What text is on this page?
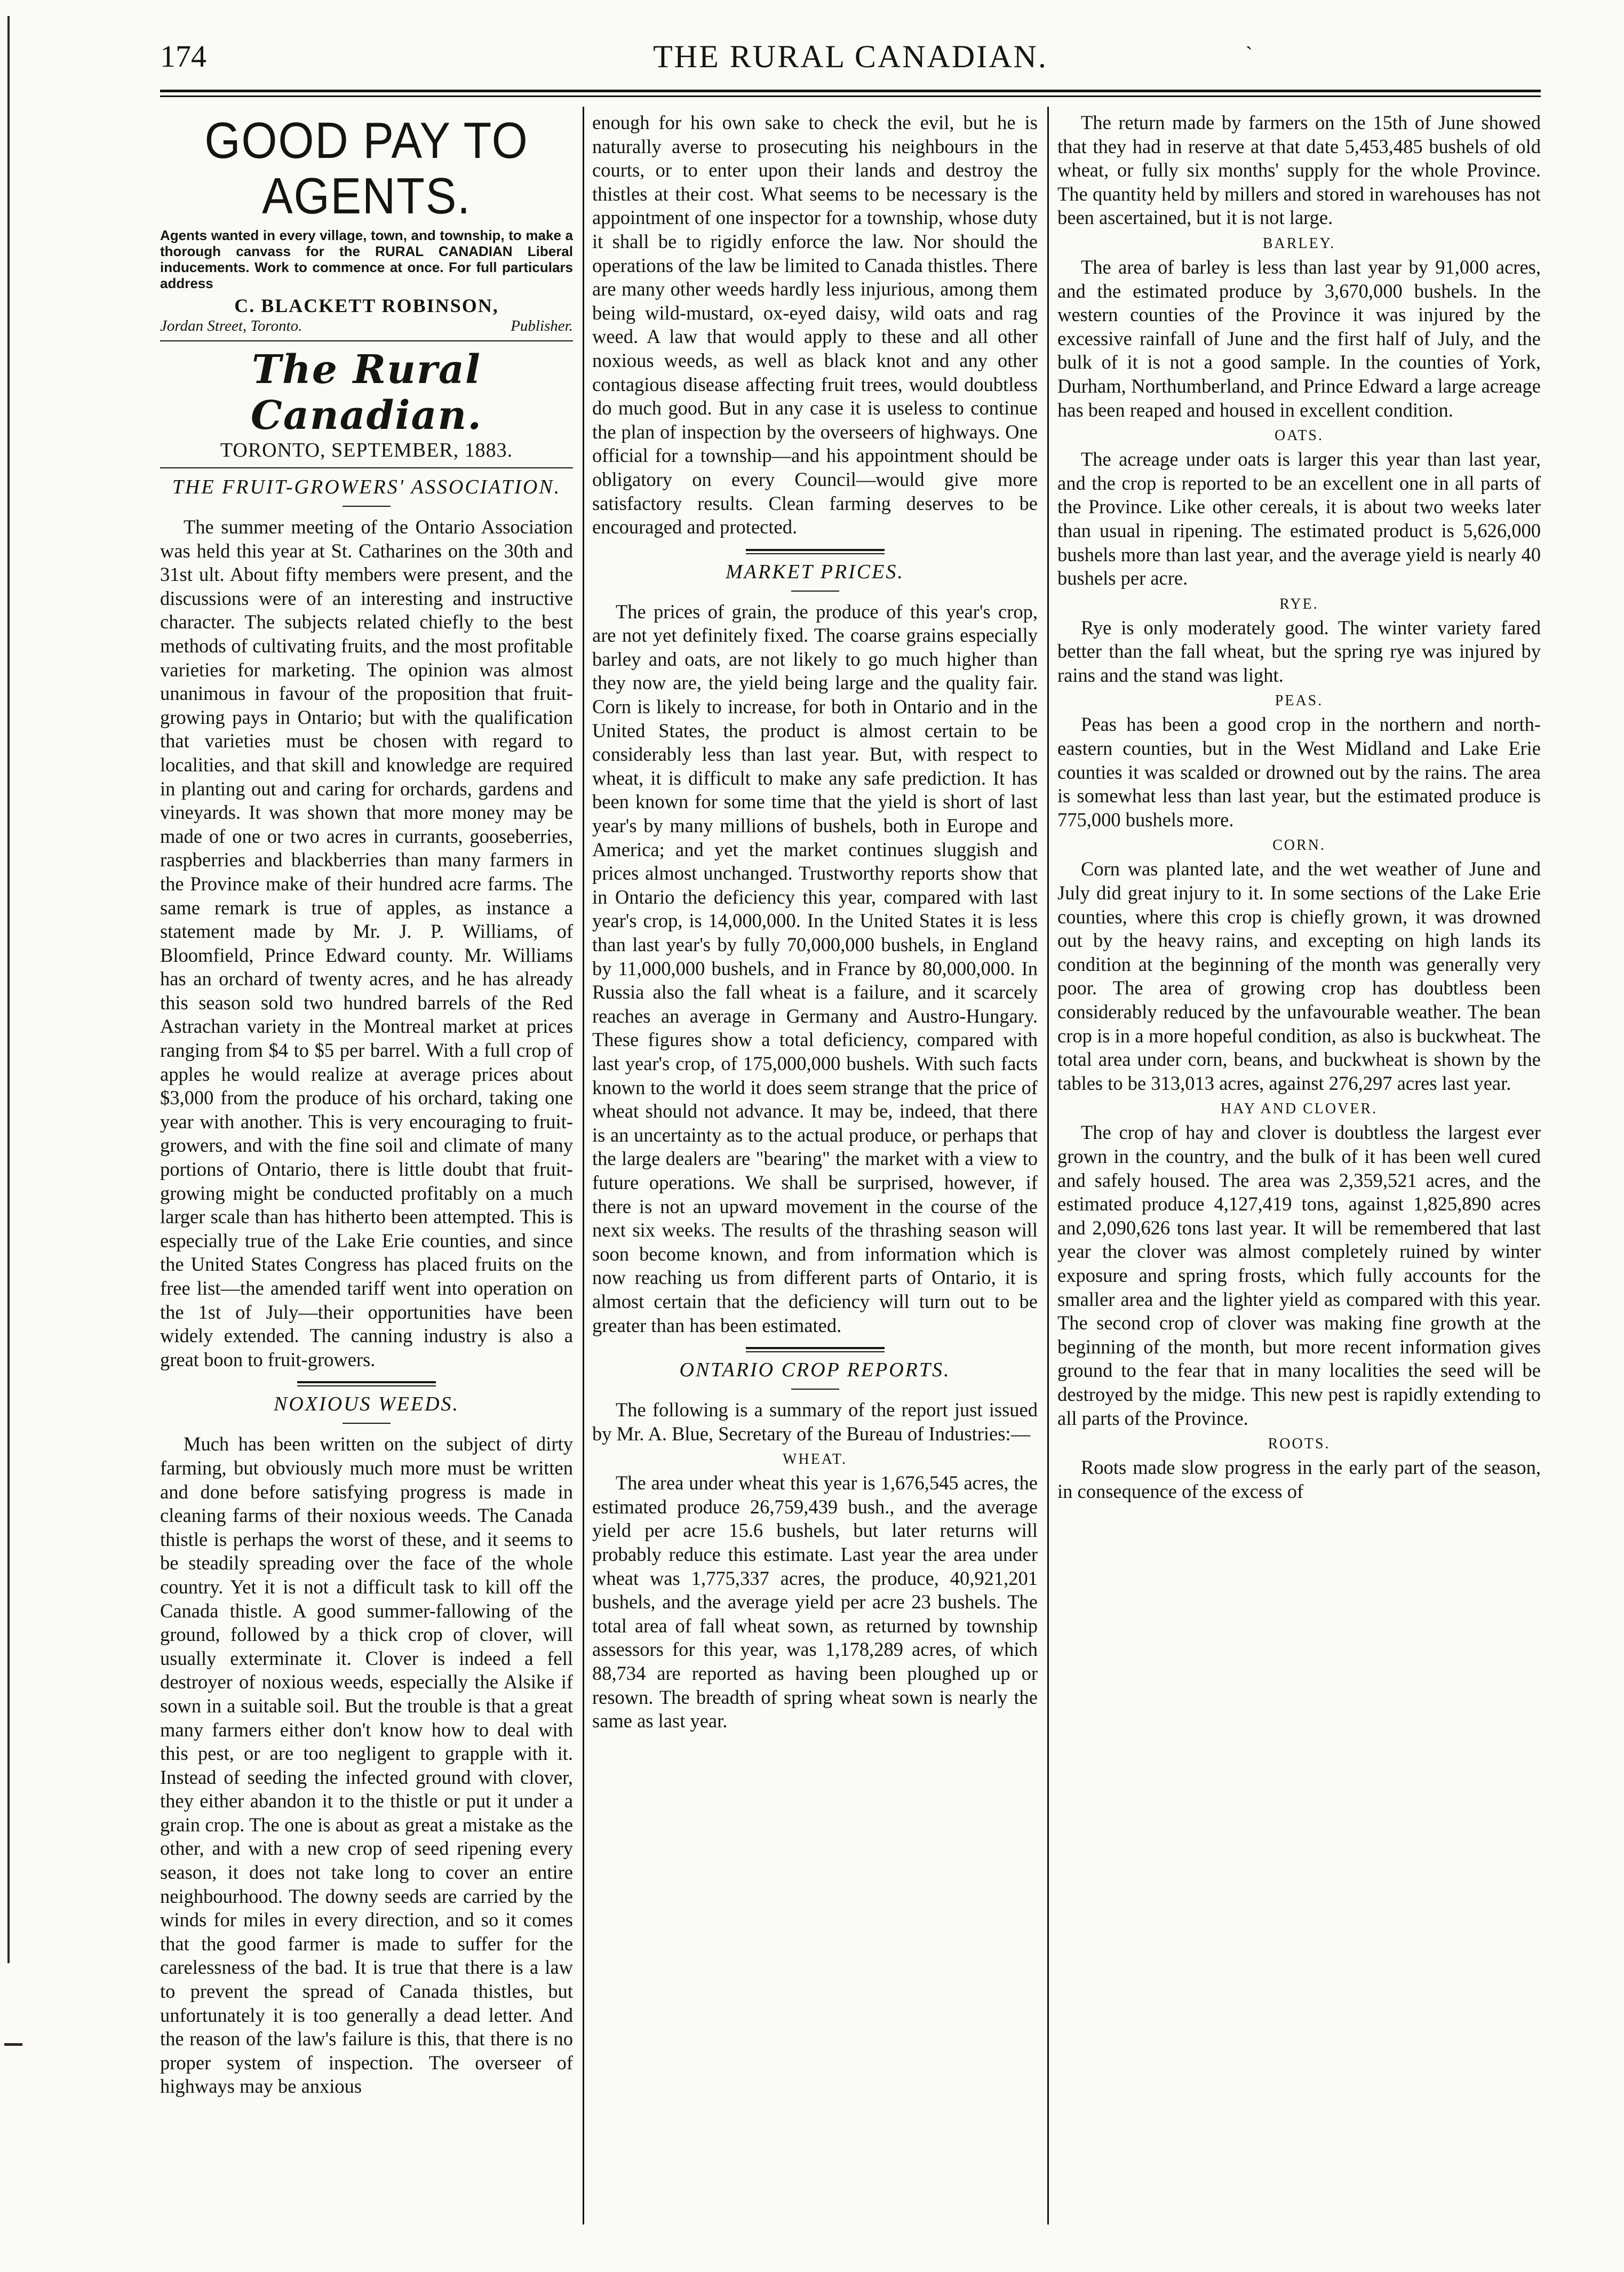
174	THE RURAL CANADIAN.	`
GOOD PAY TO AGENTS.
Agents wanted in every village, town, and township, to make a thorough canvass for the RURAL CANADIAN Liberal inducements. Work to commence at once. For full particulars address
C. BLACKETT ROBINSON,
Jordan Street, Toronto.	Publisher.
The Rural Canadian.
TORONTO, SEPTEMBER, 1883.
THE FRUIT-GROWERS' ASSOCIATION.

The summer meeting of the Ontario Association was held this year at St. Catharines on the 30th and 31st ult. About fifty members were present, and the discussions were of an interesting and instructive character. The subjects related chiefly to the best methods of cultivating fruits, and the most profitable varieties for marketing. The opinion was almost unanimous in favour of the proposition that fruit-growing pays in Ontario; but with the qualification that varieties must be chosen with regard to localities, and that skill and knowledge are required in planting out and caring for orchards, gardens and vineyards. It was shown that more money may be made of one or two acres in currants, gooseberries, raspberries and blackberries than many farmers in the Province make of their hundred acre farms. The same remark is true of apples, as instance a statement made by Mr. J. P. Williams, of Bloomfield, Prince Edward county. Mr. Williams has an orchard of twenty acres, and he has already this season sold two hundred barrels of the Red Astrachan variety in the Montreal market at prices ranging from $4 to $5 per barrel. With a full crop of apples he would realize at average prices about $3,000 from the produce of his orchard, taking one year with another. This is very encouraging to fruit-growers, and with the fine soil and climate of many portions of Ontario, there is little doubt that fruit-growing might be conducted profitably on a much larger scale than has hitherto been attempted. This is especially true of the Lake Erie counties, and since the United States Congress has placed fruits on the free list—the amended tariff went into operation on the 1st of July—their opportunities have been widely extended. The canning industry is also a great boon to fruit-growers.

NOXIOUS WEEDS.

Much has been written on the subject of dirty farming, but obviously much more must be written and done before satisfying progress is made in cleaning farms of their noxious weeds. The Canada thistle is perhaps the worst of these, and it seems to be steadily spreading over the face of the whole country. Yet it is not a difficult task to kill off the Canada thistle. A good summer-fallowing of the ground, followed by a thick crop of clover, will usually exterminate it. Clover is indeed a fell destroyer of noxious weeds, especially the Alsike if sown in a suitable soil. But the trouble is that a great many farmers either don't know how to deal with this pest, or are too negligent to grapple with it. Instead of seeding the infected ground with clover, they either abandon it to the thistle or put it under a grain crop. The one is about as great a mistake as the other, and with a new crop of seed ripening every season, it does not take long to cover an entire neighbourhood. The downy seeds are carried by the winds for miles in every direction, and so it comes that the good farmer is made to suffer for the carelessness of the bad. It is true that there is a law to prevent the spread of Canada thistles, but unfortunately it is too generally a dead letter. And the reason of the law's failure is this, that there is no proper system of inspection. The overseer of highways may be anxious

enough for his own sake to check the evil, but he is naturally averse to prosecuting his neighbours in the courts, or to enter upon their lands and destroy the thistles at their cost. What seems to be necessary is the appointment of one inspector for a township, whose duty it shall be to rigidly enforce the law. Nor should the operations of the law be limited to Canada thistles. There are many other weeds hardly less injurious, among them being wild-mustard, ox-eyed daisy, wild oats and rag weed. A law that would apply to these and all other noxious weeds, as well as black knot and any other contagious disease affecting fruit trees, would doubtless do much good. But in any case it is useless to continue the plan of inspection by the overseers of highways. One official for a township—and his appointment should be obligatory on every Council—would give more satisfactory results. Clean farming deserves to be encouraged and protected.

MARKET PRICES.

The prices of grain, the produce of this year's crop, are not yet definitely fixed. The coarse grains especially barley and oats, are not likely to go much higher than they now are, the yield being large and the quality fair. Corn is likely to increase, for both in Ontario and in the United States, the product is almost certain to be considerably less than last year. But, with respect to wheat, it is difficult to make any safe prediction. It has been known for some time that the yield is short of last year's by many millions of bushels, both in Europe and America; and yet the market continues sluggish and prices almost unchanged. Trustworthy reports show that in Ontario the deficiency this year, compared with last year's crop, is 14,000,000. In the United States it is less than last year's by fully 70,000,000 bushels, in England by 11,000,000 bushels, and in France by 80,000,000. In Russia also the fall wheat is a failure, and it scarcely reaches an average in Germany and Austro-Hungary. These figures show a total deficiency, compared with last year's crop, of 175,000,000 bushels. With such facts known to the world it does seem strange that the price of wheat should not advance. It may be, indeed, that there is an uncertainty as to the actual produce, or perhaps that the large dealers are "bearing" the market with a view to future operations. We shall be surprised, however, if there is not an upward movement in the course of the next six weeks. The results of the thrashing season will soon become known, and from information which is now reaching us from different parts of Ontario, it is almost certain that the deficiency will turn out to be greater than has been estimated.

ONTARIO CROP REPORTS.

The following is a summary of the report just issued by Mr. A. Blue, Secretary of the Bureau of Industries:—

WHEAT.

The area under wheat this year is 1,676,545 acres, the estimated produce 26,759,439 bush., and the average yield per acre 15.6 bushels, but later returns will probably reduce this estimate. Last year the area under wheat was 1,775,337 acres, the produce, 40,921,201 bushels, and the average yield per acre 23 bushels. The total area of fall wheat sown, as returned by township assessors for this year, was 1,178,289 acres, of which 88,734 are reported as having been ploughed up or resown. The breadth of spring wheat sown is nearly the same as last year.

The return made by farmers on the 15th of June showed that they had in reserve at that date 5,453,485 bushels of old wheat, or fully six months' supply for the whole Province. The quantity held by millers and stored in warehouses has not been ascertained, but it is not large.

BARLEY.

The area of barley is less than last year by 91,000 acres, and the estimated produce by 3,670,000 bushels. In the western counties of the Province it was injured by the excessive rainfall of June and the first half of July, and the bulk of it is not a good sample. In the counties of York, Durham, Northumberland, and Prince Edward a large acreage has been reaped and housed in excellent condition.

OATS.

The acreage under oats is larger this year than last year, and the crop is reported to be an excellent one in all parts of the Province. Like other cereals, it is about two weeks later than usual in ripening. The estimated product is 5,626,000 bushels more than last year, and the average yield is nearly 40 bushels per acre.

RYE.

Rye is only moderately good. The winter variety fared better than the fall wheat, but the spring rye was injured by rains and the stand was light.

PEAS.

Peas has been a good crop in the northern and north-eastern counties, but in the West Midland and Lake Erie counties it was scalded or drowned out by the rains. The area is somewhat less than last year, but the estimated produce is 775,000 bushels more.

CORN.

Corn was planted late, and the wet weather of June and July did great injury to it. In some sections of the Lake Erie counties, where this crop is chiefly grown, it was drowned out by the heavy rains, and excepting on high lands its condition at the beginning of the month was generally very poor. The area of growing crop has doubtless been considerably reduced by the unfavourable weather. The bean crop is in a more hopeful condition, as also is buckwheat. The total area under corn, beans, and buckwheat is shown by the tables to be 313,013 acres, against 276,297 acres last year.

HAY AND CLOVER.

The crop of hay and clover is doubtless the largest ever grown in the country, and the bulk of it has been well cured and safely housed. The area was 2,359,521 acres, and the estimated produce 4,127,419 tons, against 1,825,890 acres and 2,090,626 tons last year. It will be remembered that last year the clover was almost completely ruined by winter exposure and spring frosts, which fully accounts for the smaller area and the lighter yield as compared with this year. The second crop of clover was making fine growth at the beginning of the month, but more recent information gives ground to the fear that in many localities the seed will be destroyed by the midge. This new pest is rapidly extending to all parts of the Province.

ROOTS.

Roots made slow progress in the early part of the season, in consequence of the excess of
